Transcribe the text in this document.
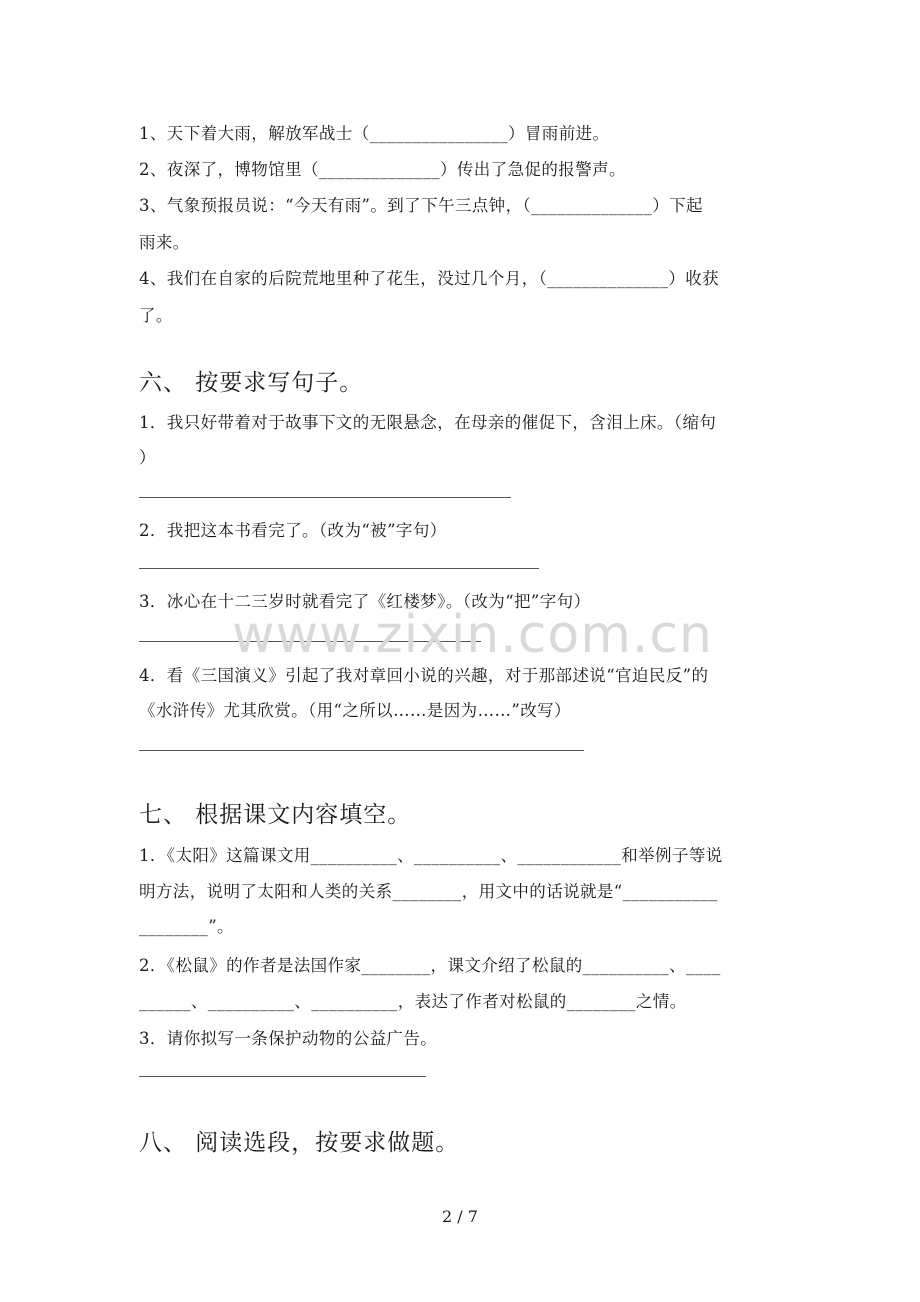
1、天下着大雨，解放军战士（________________）冒雨前进。
2、夜深了，博物馆里（______________）传出了急促的报警声。
3、气象预报员说：“今天有雨”。到了下午三点钟，（______________）下起
雨来。
4、我们在自家的后院荒地里种了花生，没过几个月，（______________）收获
了。
六、 按要求写句子。
1．我只好带着对于故事下文的无限悬念，在母亲的催促下，含泪上床。（缩句
）
2．我把这本书看完了。（改为“被”字句）
3．冰心在十二三岁时就看完了《红楼梦》。（改为“把”字句）
4．看《三国演义》引起了我对章回小说的兴趣，对于那部述说“官迫民反”的
《水浒传》尤其欣赏。（用“之所以……是因为……”改写）
七、 根据课文内容填空。
1．《太阳》这篇课文用__________、__________、____________和举例子等说
明方法，说明了太阳和人类的关系________，用文中的话说就是“___________
________”。
2．《松鼠》的作者是法国作家________，课文介绍了松鼠的__________、____
______、__________、__________，表达了作者对松鼠的________之情。
3．请你拟写一条保护动物的公益广告。
八、 阅读选段，按要求做题。
www.zixin.com.cn
2 / 7
